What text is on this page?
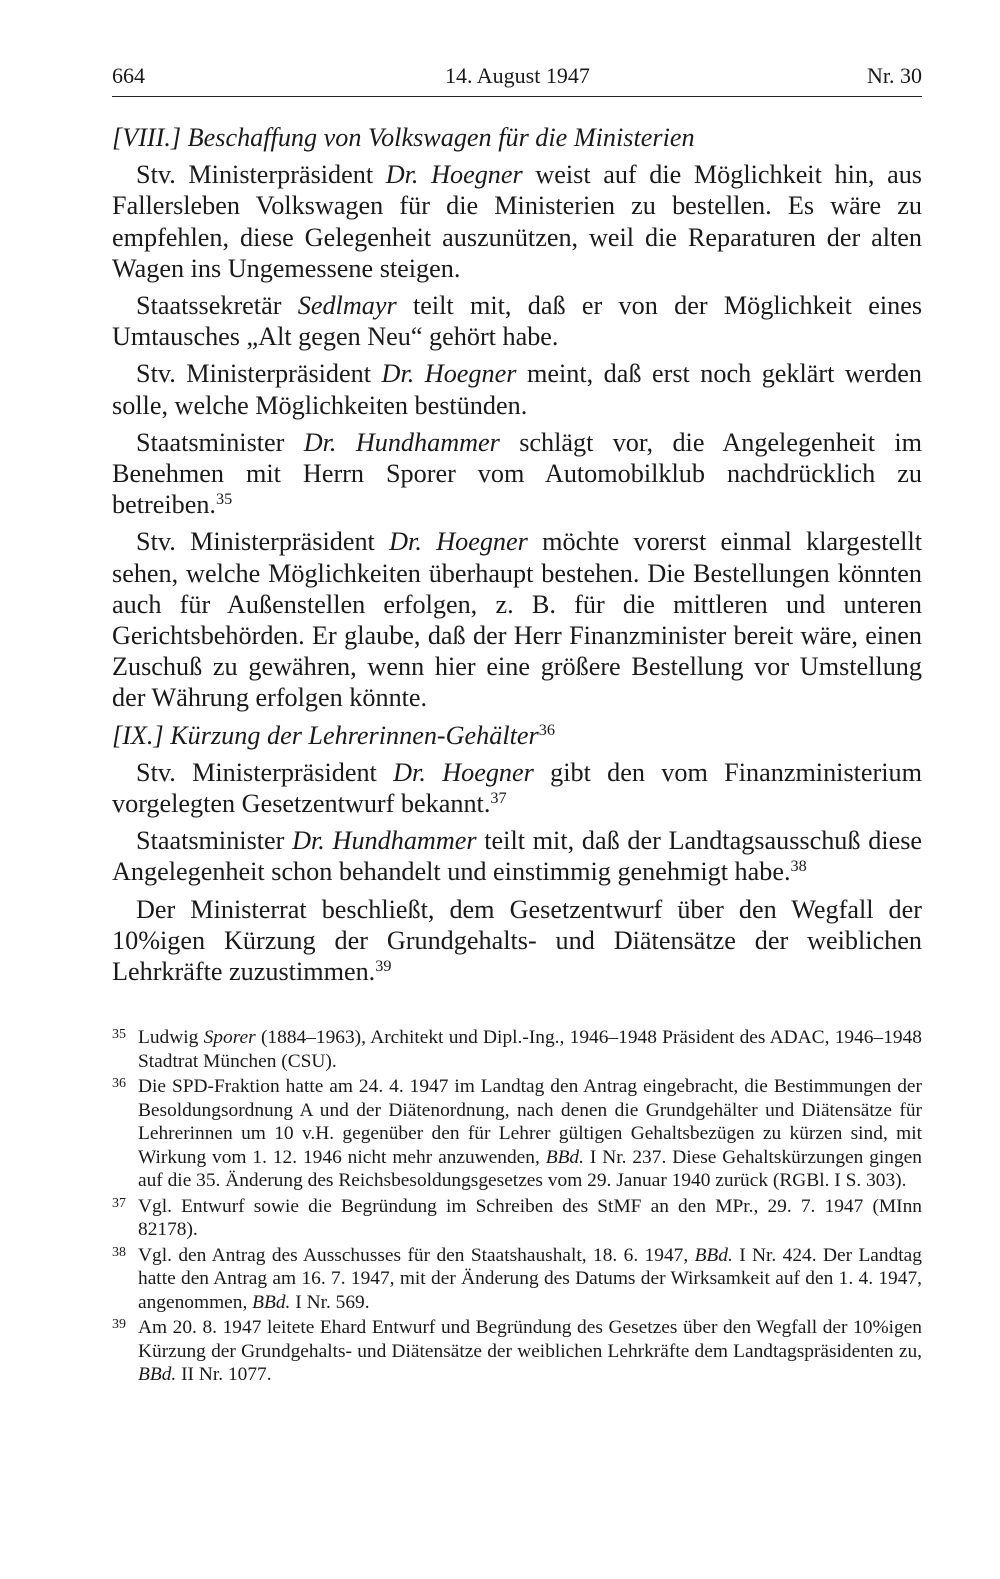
664	14. August 1947	Nr. 30
[VIII.] Beschaffung von Volkswagen für die Ministerien
Stv. Ministerpräsident Dr. Hoegner weist auf die Möglichkeit hin, aus Fallersleben Volkswagen für die Ministerien zu bestellen. Es wäre zu empfehlen, diese Gelegenheit auszunützen, weil die Reparaturen der alten Wagen ins Ungemessene steigen.
Staatssekretär Sedlmayr teilt mit, daß er von der Möglichkeit eines Umtausches „Alt gegen Neu“ gehört habe.
Stv. Ministerpräsident Dr. Hoegner meint, daß erst noch geklärt werden solle, welche Möglichkeiten bestünden.
Staatsminister Dr. Hundhammer schlägt vor, die Angelegenheit im Benehmen mit Herrn Sporer vom Automobilklub nachdrücklich zu betreiben.$^{35}$
Stv. Ministerpräsident Dr. Hoegner möchte vorerst einmal klargestellt sehen, welche Möglichkeiten überhaupt bestehen. Die Bestellungen könnten auch für Außenstellen erfolgen, z. B. für die mittleren und unteren Gerichtsbehörden. Er glaube, daß der Herr Finanzminister bereit wäre, einen Zuschuß zu gewähren, wenn hier eine größere Bestellung vor Umstellung der Währung erfolgen könnte.
[IX.] Kürzung der Lehrerinnen-Gehälter$^{36}$
Stv. Ministerpräsident Dr. Hoegner gibt den vom Finanzministerium vorgelegten Gesetzentwurf bekannt.$^{37}$
Staatsminister Dr. Hundhammer teilt mit, daß der Landtagsausschuß diese Angelegenheit schon behandelt und einstimmig genehmigt habe.$^{38}$
Der Ministerrat beschließt, dem Gesetzentwurf über den Wegfall der 10%igen Kürzung der Grundgehalts- und Diätensätze der weiblichen Lehrkräfte zuzustimmen.$^{39}$
35 Ludwig Sporer (1884–1963), Architekt und Dipl.-Ing., 1946–1948 Präsident des ADAC, 1946–1948 Stadtrat München (CSU).
36 Die SPD-Fraktion hatte am 24. 4. 1947 im Landtag den Antrag eingebracht, die Bestimmungen der Besoldungsordnung A und der Diätenordnung, nach denen die Grundgehälter und Diätensätze für Lehrerinnen um 10 v.H. gegenüber den für Lehrer gültigen Gehaltsbezügen zu kürzen sind, mit Wirkung vom 1. 12. 1946 nicht mehr anzuwenden, BBd. I Nr. 237. Diese Gehaltskürzungen gingen auf die 35. Änderung des Reichsbesoldungsgesetzes vom 29. Januar 1940 zurück (RGBl. I S. 303).
37 Vgl. Entwurf sowie die Begründung im Schreiben des StMF an den MPr., 29. 7. 1947 (MInn 82178).
38 Vgl. den Antrag des Ausschusses für den Staatshaushalt, 18. 6. 1947, BBd. I Nr. 424. Der Landtag hatte den Antrag am 16. 7. 1947, mit der Änderung des Datums der Wirksamkeit auf den 1. 4. 1947, angenommen, BBd. I Nr. 569.
39 Am 20. 8. 1947 leitete Ehard Entwurf und Begründung des Gesetzes über den Wegfall der 10%igen Kürzung der Grundgehalts- und Diätensätze der weiblichen Lehrkräfte dem Landtagspräsidenten zu, BBd. II Nr. 1077.
